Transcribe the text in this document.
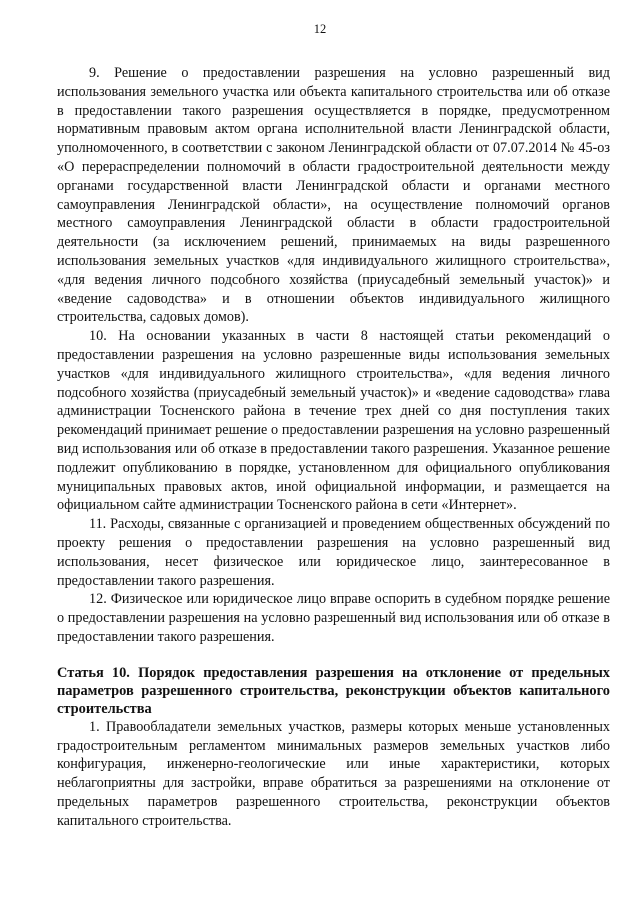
12

9. Решение о предоставлении разрешения на условно разрешенный вид использования земельного участка или объекта капитального строительства или об отказе в предоставлении такого разрешения осуществляется в порядке, предусмотренном нормативным правовым актом органа исполнительной власти Ленинградской области, уполномоченного, в соответствии с законом Ленинградской области от 07.07.2014 № 45-оз «О перераспределении полномочий в области градостроительной деятельности между органами государственной власти Ленинградской области и органами местного самоуправления Ленинградской области», на осуществление полномочий органов местного самоуправления Ленинградской области в области градостроительной деятельности (за исключением решений, принимаемых на виды разрешенного использования земельных участков «для индивидуального жилищного строительства», «для ведения личного подсобного хозяйства (приусадебный земельный участок)» и «ведение садоводства» и в отношении объектов индивидуального жилищного строительства, садовых домов).

10. На основании указанных в части 8 настоящей статьи рекомендаций о предоставлении разрешения на условно разрешенные виды использования земельных участков «для индивидуального жилищного строительства», «для ведения личного подсобного хозяйства (приусадебный земельный участок)» и «ведение садоводства» глава администрации Тосненского района в течение трех дней со дня поступления таких рекомендаций принимает решение о предоставлении разрешения на условно разрешенный вид использования или об отказе в предоставлении такого разрешения. Указанное решение подлежит опубликованию в порядке, установленном для официального опубликования муниципальных правовых актов, иной официальной информации, и размещается на официальном сайте администрации Тосненского района в сети «Интернет».

11. Расходы, связанные с организацией и проведением общественных обсуждений по проекту решения о предоставлении разрешения на условно разрешенный вид использования, несет физическое или юридическое лицо, заинтересованное в предоставлении такого разрешения.

12. Физическое или юридическое лицо вправе оспорить в судебном порядке решение о предоставлении разрешения на условно разрешенный вид использования или об отказе в предоставлении такого разрешения.

Статья 10. Порядок предоставления разрешения на отклонение от предельных параметров разрешенного строительства, реконструкции объектов капитального строительства

1. Правообладатели земельных участков, размеры которых меньше установленных градостроительным регламентом минимальных размеров земельных участков либо конфигурация, инженерно-геологические или иные характеристики, которых неблагоприятны для застройки, вправе обратиться за разрешениями на отклонение от предельных параметров разрешенного строительства, реконструкции объектов капитального строительства.
